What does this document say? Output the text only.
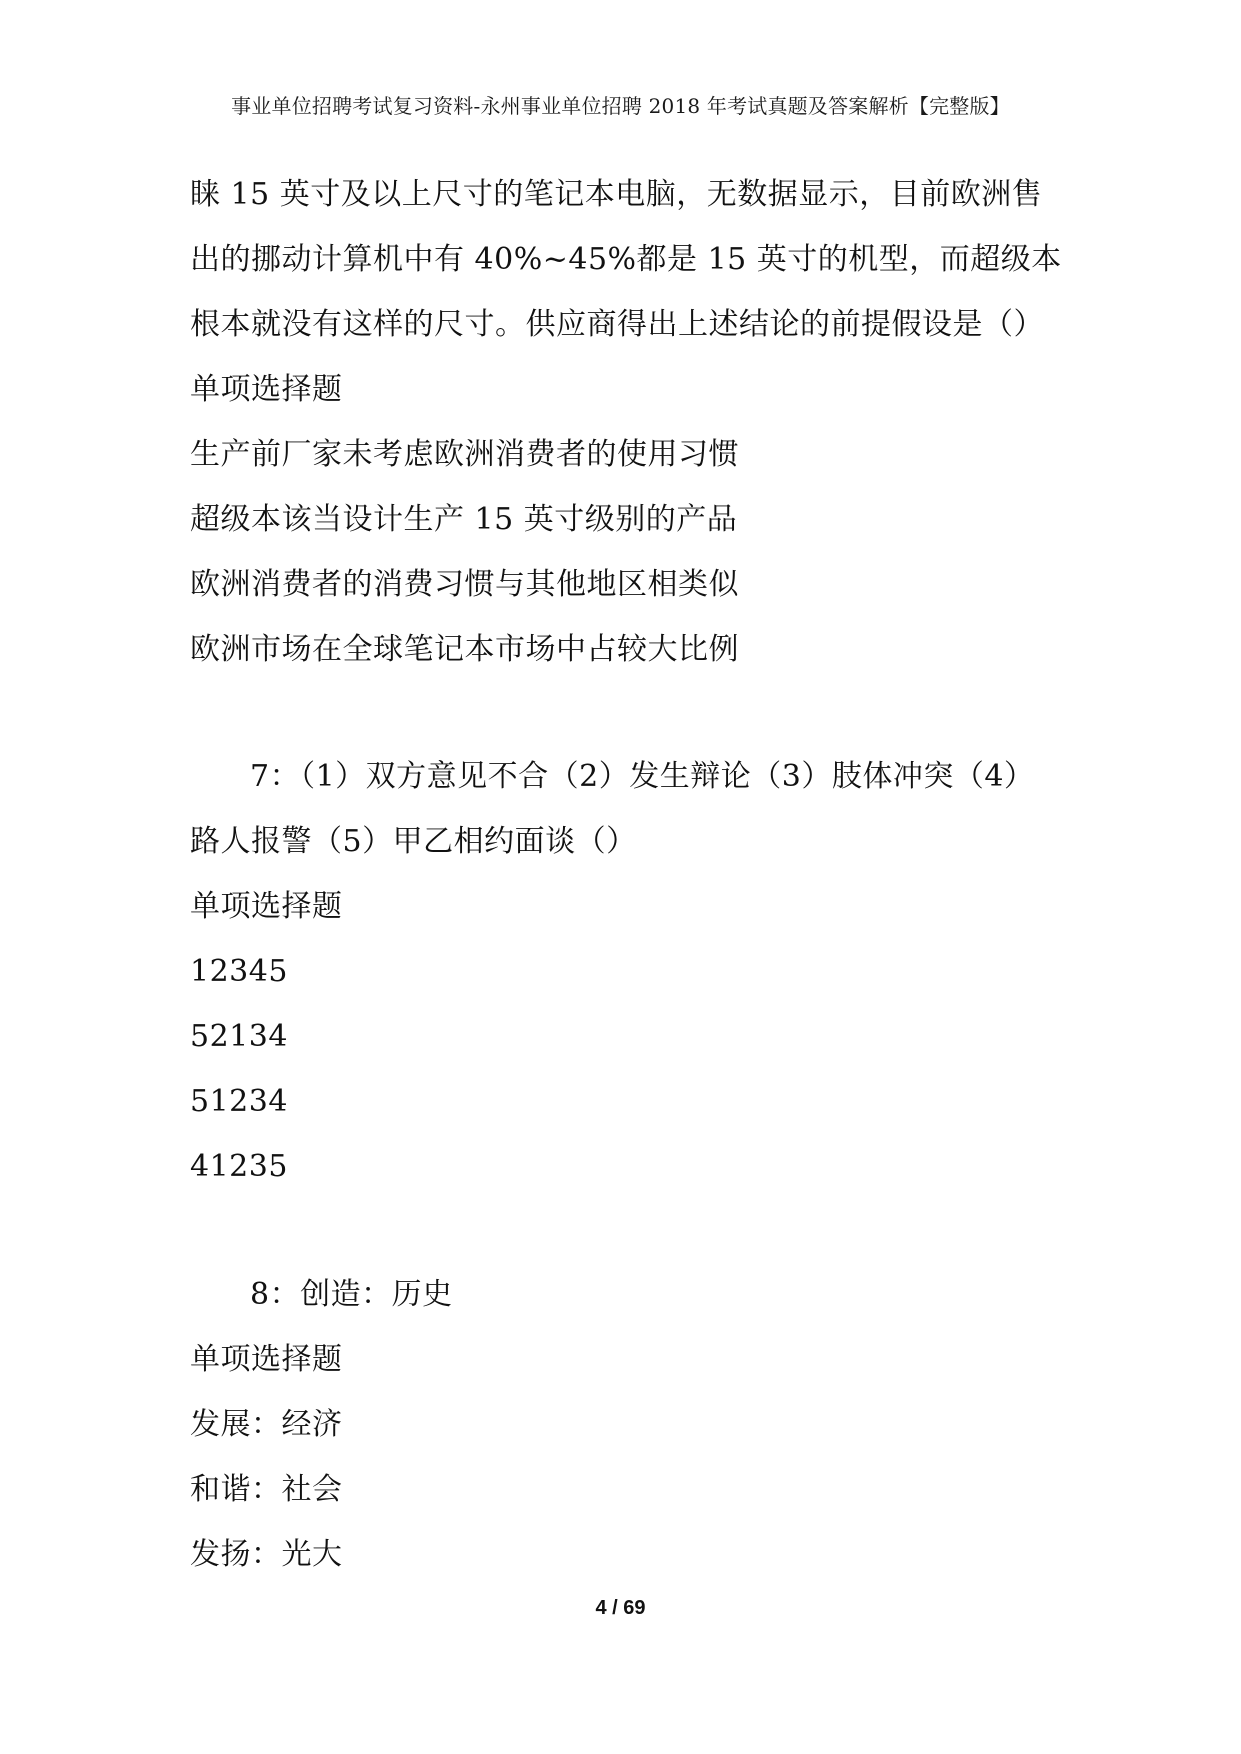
事业单位招聘考试复习资料-永州事业单位招聘 2018 年考试真题及答案解析【完整版】
睐 15 英寸及以上尺寸的笔记本电脑，无数据显示，目前欧洲售
出的挪动计算机中有 40%~45%都是 15 英寸的机型，而超级本
根本就没有这样的尺寸。供应商得出上述结论的前提假设是（）
单项选择题
生产前厂家未考虑欧洲消费者的使用习惯
超级本该当设计生产 15 英寸级别的产品
欧洲消费者的消费习惯与其他地区相类似
欧洲市场在全球笔记本市场中占较大比例
7：（1）双方意见不合（2）发生辩论（3）肢体冲突（4）
路人报警（5）甲乙相约面谈（）
单项选择题
12345
52134
51234
41235
8：创造：历史
单项选择题
发展：经济
和谐：社会
发扬：光大
4 / 69
